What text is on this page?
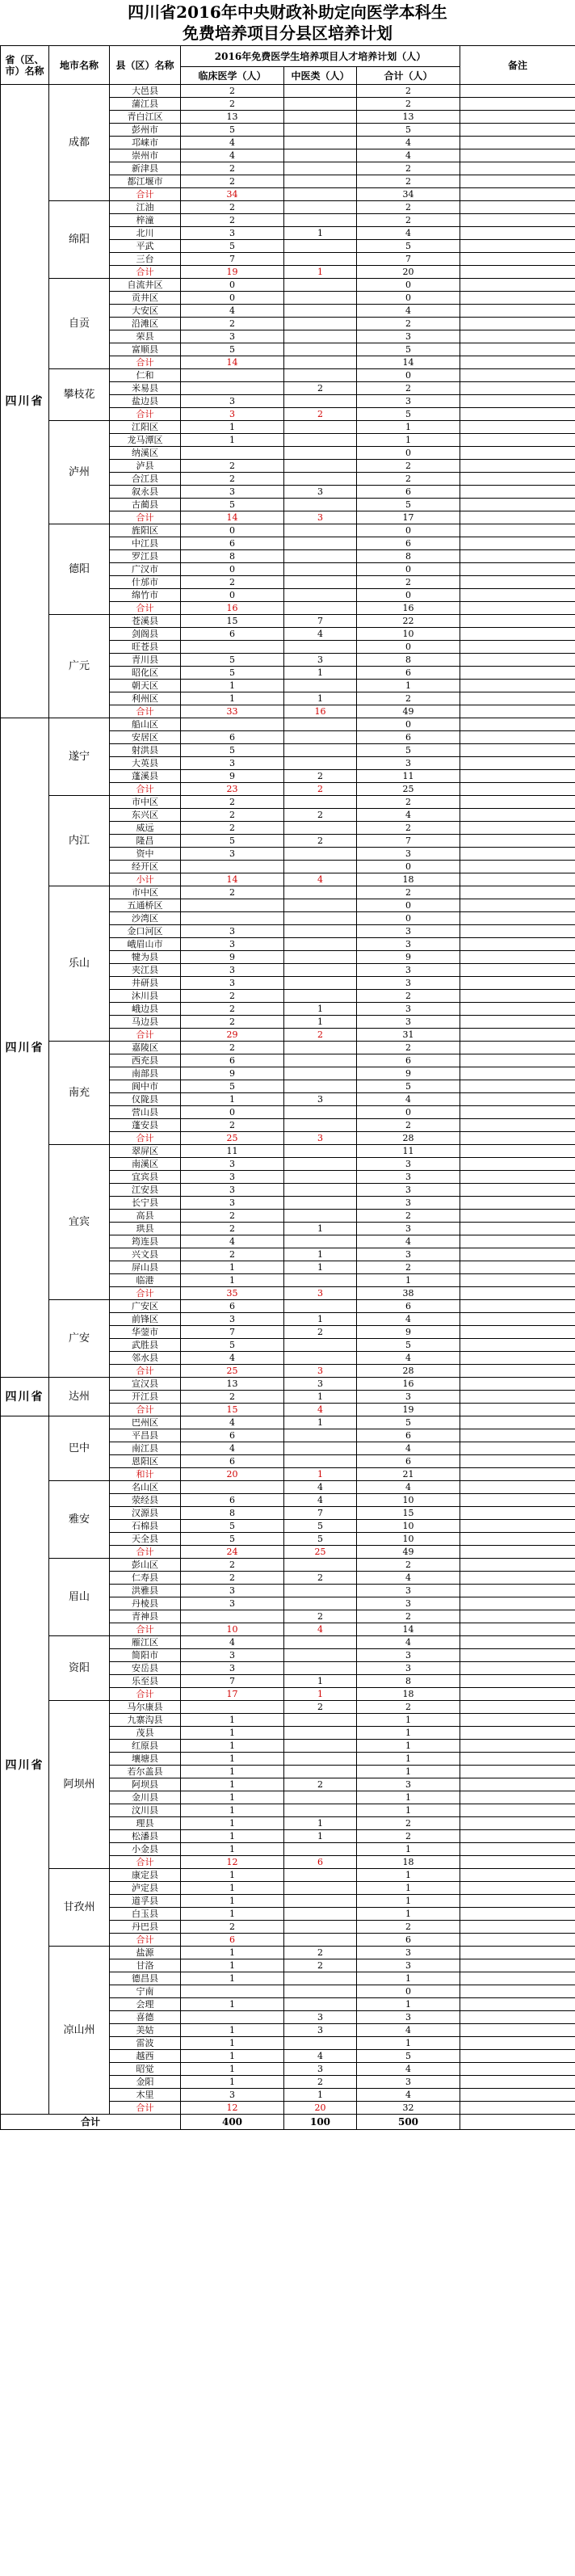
四川省2016年中央财政补助定向医学本科生
免费培养项目分县区培养计划
省（区、市）名称	地市名称	县（区）名称	2016年免费医学生培养项目人才培养计划（人）			备注
			临床医学（人）	中医类（人）	合计（人）	
四川省	成都	大邑县	2		2	
		蒲江县	2		2	
		青白江区	13		13	
		彭州市	5		5	
		邛崃市	4		4	
		崇州市	4		4	
		新津县	2		2	
		都江堰市	2		2	
		合计	34		34	
	绵阳	江油	2		2	
		梓潼	2		2	
		北川	3	1	4	
		平武	5		5	
		三台	7		7	
		合计	19	1	20	
	自贡	自流井区	0		0	
		贡井区	0		0	
		大安区	4		4	
		沿滩区	2		2	
		荣县	3		3	
		富顺县	5		5	
		合计	14		14	
	攀枝花	仁和			0	
		米易县		2	2	
		盐边县	3		3	
		合计	3	2	5	
	泸州	江阳区	1		1	
		龙马潭区	1		1	
		纳溪区			0	
		泸县	2		2	
		合江县	2		2	
		叙永县	3	3	6	
		古蔺县	5		5	
		合计	14	3	17	
	德阳	旌阳区	0		0	
		中江县	6		6	
		罗江县	8		8	
		广汉市	0		0	
		什邡市	2		2	
		绵竹市	0		0	
		合计	16		16	
	广元	苍溪县	15	7	22	
		剑阁县	6	4	10	
		旺苍县			0	
		青川县	5	3	8	
		昭化区	5	1	6	
		朝天区	1		1	
		利州区	1	1	2	
		合计	33	16	49	
四川省	遂宁	船山区			0	
		安居区	6		6	
		射洪县	5		5	
		大英县	3		3	
		蓬溪县	9	2	11	
		合计	23	2	25	
	内江	市中区	2		2	
		东兴区	2	2	4	
		威远	2		2	
		隆昌	5	2	7	
		资中	3		3	
		经开区			0	
		小计	14	4	18	
	乐山	市中区	2		2	
		五通桥区			0	
		沙湾区			0	
		金口河区	3		3	
		峨眉山市	3		3	
		犍为县	9		9	
		夹江县	3		3	
		井研县	3		3	
		沐川县	2		2	
		峨边县	2	1	3	
		马边县	2	1	3	
		合计	29	2	31	
	南充	嘉陵区	2		2	
		西充县	6		6	
		南部县	9		9	
		阆中市	5		5	
		仪陇县	1	3	4	
		营山县	0		0	
		蓬安县	2		2	
		合计	25	3	28	
	宜宾	翠屏区	11		11	
		南溪区	3		3	
		宜宾县	3		3	
		江安县	3		3	
		长宁县	3		3	
		高县	2		2	
		珙县	2	1	3	
		筠连县	4		4	
		兴文县	2	1	3	
		屏山县	1	1	2	
		临港	1		1	
		合计	35	3	38	
	广安	广安区	6		6	
		前锋区	3	1	4	
		华蓥市	7	2	9	
		武胜县	5		5	
		邻水县	4		4	
		合计	25	3	28	
四川省	达州	宣汉县	13	3	16	
		开江县	2	1	3	
		合计	15	4	19	
四川省	巴中	巴州区	4	1	5	
		平昌县	6		6	
		南江县	4		4	
		恩阳区	6		6	
		和计	20	1	21	
	雅安	名山区		4	4	
		荥经县	6	4	10	
		汉源县	8	7	15	
		石棉县	5	5	10	
		天全县	5	5	10	
		合计	24	25	49	
	眉山	彭山区	2		2	
		仁寿县	2	2	4	
		洪雅县	3		3	
		丹棱县	3		3	
		青神县		2	2	
		合计	10	4	14	
	资阳	雁江区	4		4	
		简阳市	3		3	
		安岳县	3		3	
		乐至县	7	1	8	
		合计	17	1	18	
	阿坝州	马尔康县		2	2	
		九寨沟县	1		1	
		茂县	1		1	
		红原县	1		1	
		壤塘县	1		1	
		若尔盖县	1		1	
		阿坝县	1	2	3	
		金川县	1		1	
		汶川县	1		1	
		理县	1	1	2	
		松潘县	1	1	2	
		小金县	1		1	
		合计	12	6	18	
	甘孜州	康定县	1		1	
		泸定县	1		1	
		道孚县	1		1	
		白玉县	1		1	
		丹巴县	2		2	
		合计	6		6	
	凉山州	盐源	1	2	3	
		甘洛	1	2	3	
		德昌县	1		1	
		宁南			0	
		会理	1		1	
		喜德		3	3	
		美姑	1	3	4	
		雷波	1		1	
		越西	1	4	5	
		昭觉	1	3	4	
		金阳	1	2	3	
		木里	3	1	4	
		合计	12	20	32	
合计			400	100	500	
